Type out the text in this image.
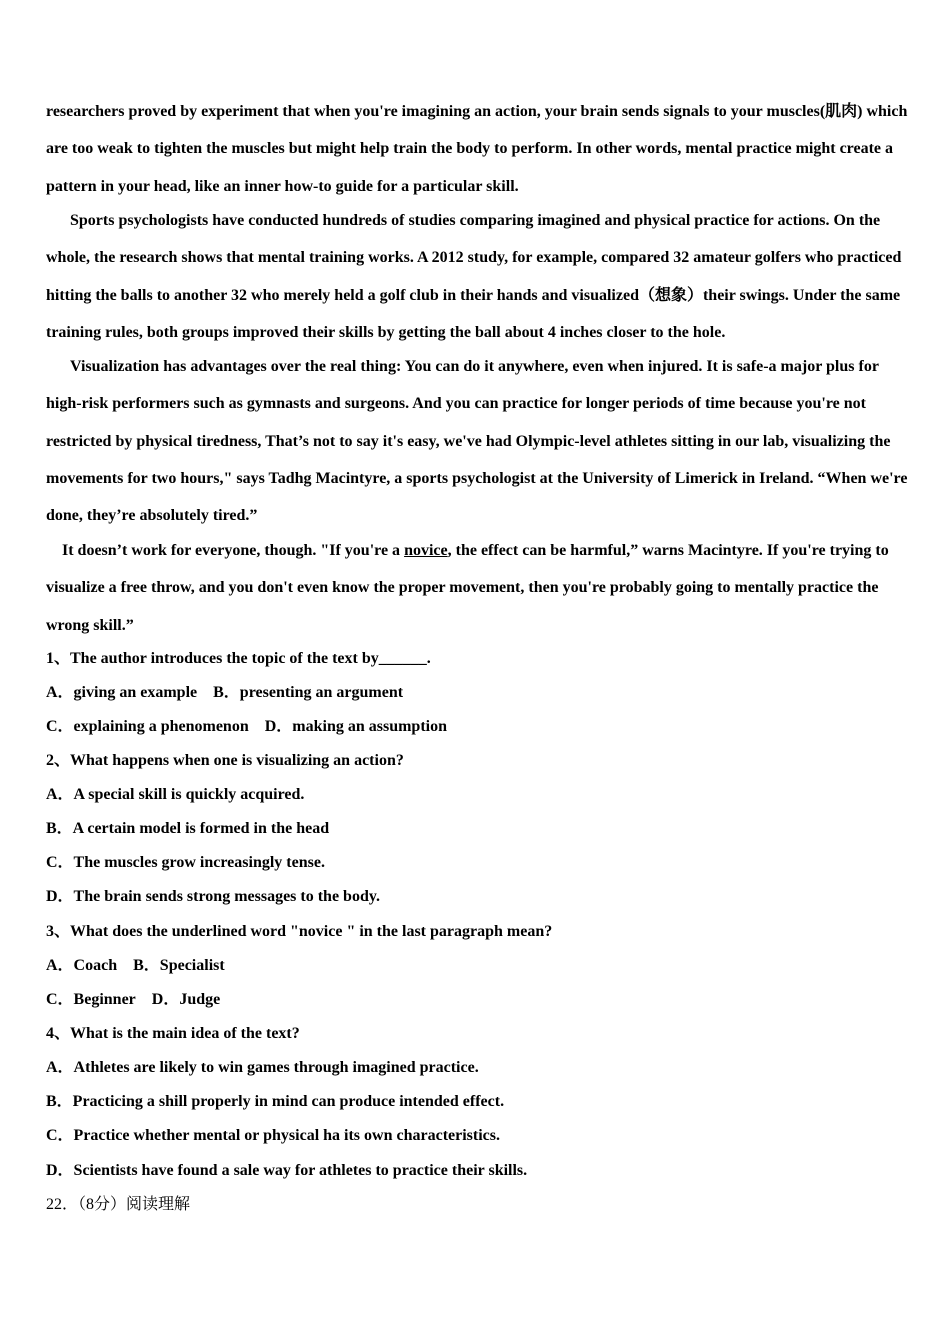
researchers proved by experiment that when you're imagining an action, your brain sends signals to your muscles(肌肉) which are too weak to tighten the muscles but might help train the body to perform. In other words, mental practice might create a pattern in your head, like an inner how-to guide for a particular skill.

Sports psychologists have conducted hundreds of studies comparing imagined and physical practice for actions. On the whole, the research shows that mental training works. A 2012 study, for example, compared 32 amateur golfers who practiced hitting the balls to another 32 who merely held a golf club in their hands and visualized（想象）their swings. Under the same training rules, both groups improved their skills by getting the ball about 4 inches closer to the hole.

Visualization has advantages over the real thing: You can do it anywhere, even when injured. It is safe-a major plus for high-risk performers such as gymnasts and surgeons. And you can practice for longer periods of time because you're not restricted by physical tiredness, That’s not to say it's easy, we've had Olympic-level athletes sitting in our lab, visualizing the movements for two hours," says Tadhg Macintyre, a sports psychologist at the University of Limerick in Ireland. “When we're done, they’re absolutely tired.”

It doesn’t work for everyone, though. "If you're a novice, the effect can be harmful,” warns Macintyre. If you're trying to visualize a free throw, and you don't even know the proper movement, then you're probably going to mentally practice the wrong skill.”

1、The author introduces the topic of the text by______.
A．giving an example B．presenting an argument
C．explaining a phenomenon D．making an assumption
2、What happens when one is visualizing an action?
A．A special skill is quickly acquired.
B．A certain model is formed in the head
C．The muscles grow increasingly tense.
D．The brain sends strong messages to the body.
3、What does the underlined word "novice " in the last paragraph mean?
A．Coach B．Specialist
C．Beginner D．Judge
4、What is the main idea of the text?
A．Athletes are likely to win games through imagined practice.
B．Practicing a shill properly in mind can produce intended effect.
C．Practice whether mental or physical ha its own characteristics.
D．Scientists have found a sale way for athletes to practice their skills.
22．（8分）阅读理解
